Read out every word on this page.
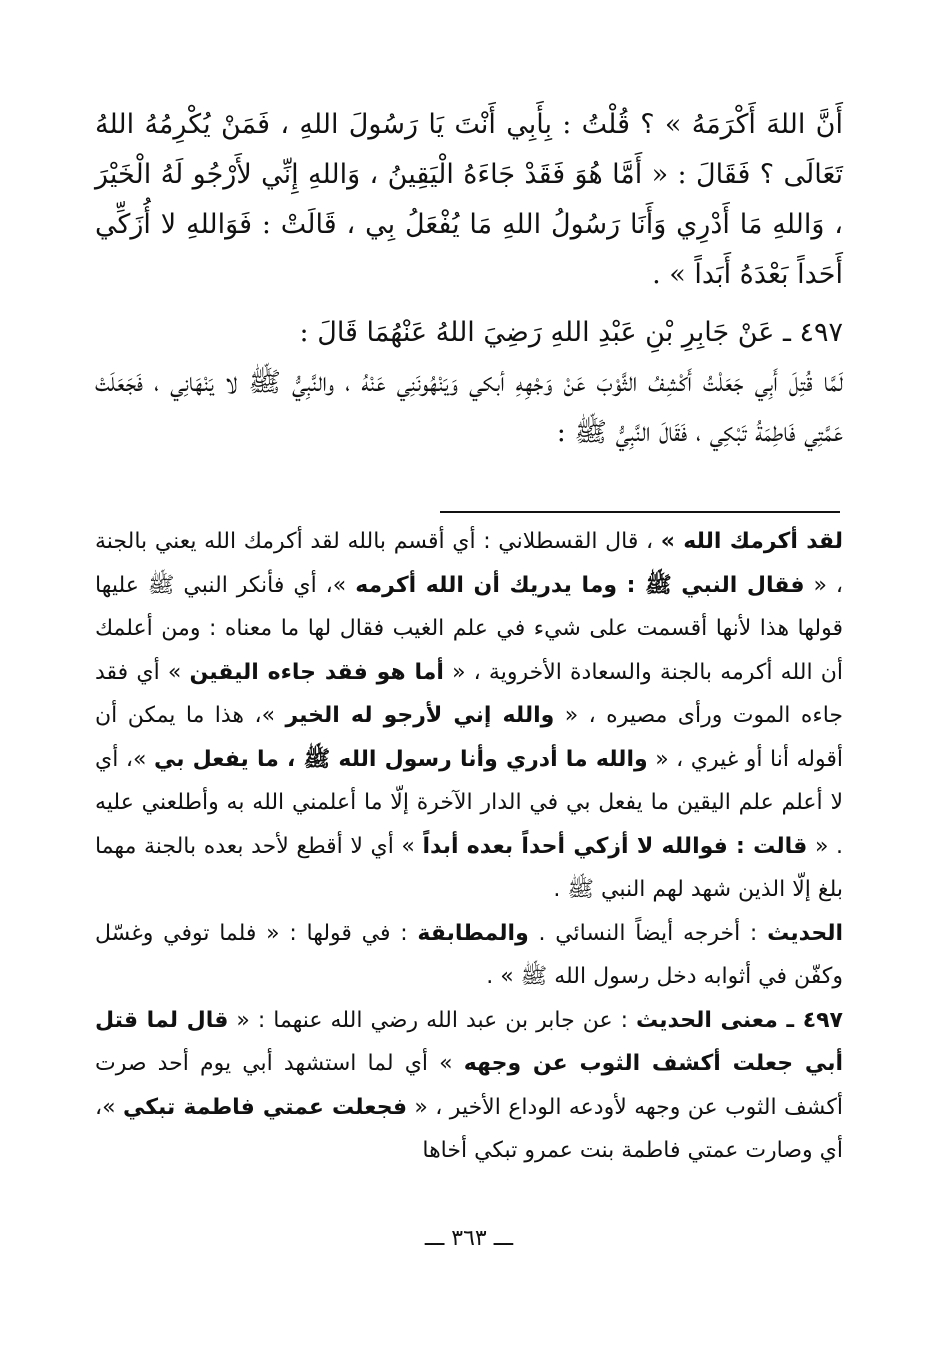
أَنَّ اللهَ أَكْرَمَهُ » ؟ قُلْتُ : بِأَبِي أَنْتَ يَا رَسُولَ اللهِ ، فَمَنْ يُكْرِمُهُ اللهُ تَعَالَى ؟ فَقَالَ : « أَمَّا هُوَ فَقَدْ جَاءَهُ الْيَقِينُ ، وَاللهِ إِنِّي لأَرْجُو لَهُ الْخَيْرَ ، وَاللهِ مَا أَدْرِي وَأَنَا رَسُولُ اللهِ مَا يُفْعَلُ بِي ، قَالَتْ : فَوَاللهِ لا أُزَكِّي أَحَداً بَعْدَهُ أَبَداً » .

٤٩٧ ـ عَنْ جَابِرِ بْنِ عَبْدِ اللهِ رَضِيَ اللهُ عَنْهُمَا قَالَ :

لَمَّا قُتِلَ أَبِي جَعَلْتُ أَكْشِفُ الثَّوْبَ عَنْ وَجْهِهِ أبكي وَيَنْهُونَنِي عَنْهُ ، والنَّبِيُّ ﷺ لا يَنْهَانِي ، فَجَعَلَتْ عَمَّتِي فَاطِمَةُ تَبْكِي ، فَقَالَ النَّبِيُّ ﷺ :

لقد أكرمك الله » ، قال القسطلاني : أي أقسم بالله لقد أكرمك الله يعني بالجنة ، « فقال النبي ﷺ : وما يدريك أن الله أكرمه »، أي فأنكر النبي ﷺ عليها قولها هذا لأنها أقسمت على شيء في علم الغيب فقال لها ما معناه : ومن أعلمك أن الله أكرمه بالجنة والسعادة الأخروية ، « أما هو فقد جاءه اليقين » أي فقد جاءه الموت ورأى مصيره ، « والله إني لأرجو له الخير »، هذا ما يمكن أن أقوله أنا أو غيري ، « والله ما أدري وأنا رسول الله ﷺ ، ما يفعل بي »، أي لا أعلم علم اليقين ما يفعل بي في الدار الآخرة إلّا ما أعلمني الله به وأطلعني عليه . « قالت : فوالله لا أزكي أحداً بعده أبداً » أي لا أقطع لأحد بعده بالجنة مهما بلغ إلّا الذين شهد لهم النبي ﷺ .

الحديث : أخرجه أيضاً النسائي . والمطابقة : في قولها : « فلما توفي وغسّل وكفّن في أثوابه دخل رسول الله ﷺ » .

٤٩٧ ـ معنى الحديث : عن جابر بن عبد الله رضي الله عنهما : « قال لما قتل أبي جعلت أكشف الثوب عن وجهه » أي لما استشهد أبي يوم أحد صرت أكشف الثوب عن وجهه لأودعه الوداع الأخير ، « فجعلت عمتي فاطمة تبكي »، أي وصارت عمتي فاطمة بنت عمرو تبكي أخاها

ـــ ٣٦٣ ـــ
